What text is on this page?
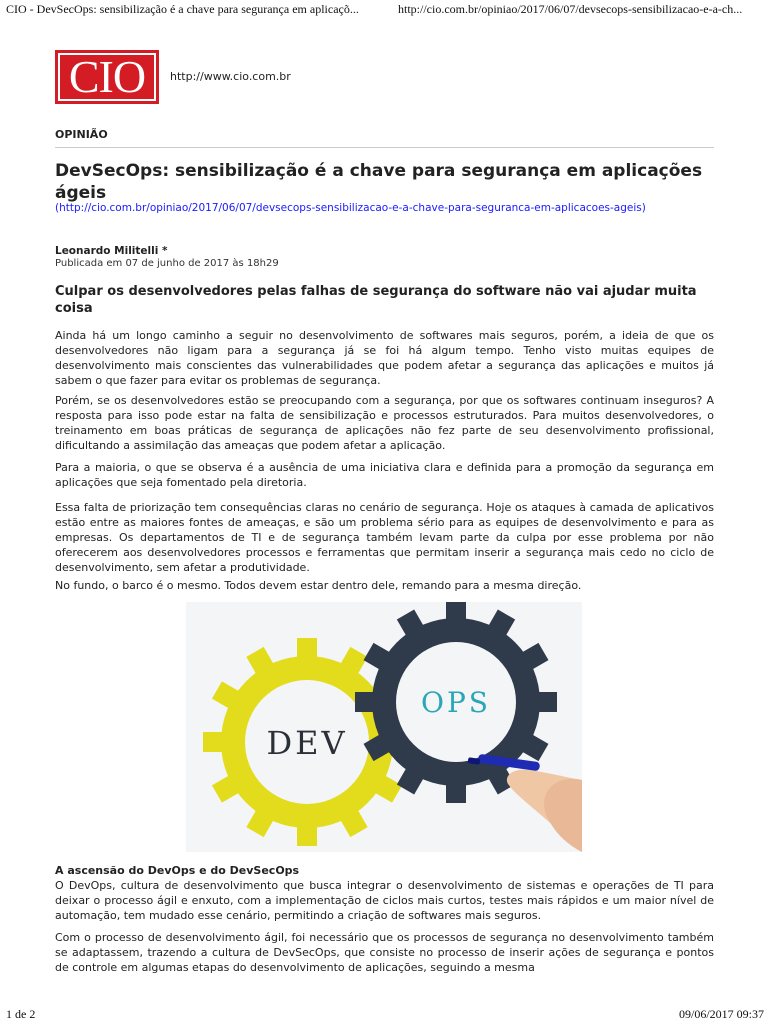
CIO - DevSecOps: sensibilização é a chave para segurança em aplicaçõ...	http://cio.com.br/opiniao/2017/06/07/devsecops-sensibilizacao-e-a-ch...
CIO http://www.cio.com.br
OPINIÃO
DevSecOps: sensibilização é a chave para segurança em aplicações ágeis
(http://cio.com.br/opiniao/2017/06/07/devsecops-sensibilizacao-e-a-chave-para-seguranca-em-aplicacoes-ageis)
Leonardo Militelli *
Publicada em 07 de junho de 2017 às 18h29
Culpar os desenvolvedores pelas falhas de segurança do software não vai ajudar muita coisa
Ainda há um longo caminho a seguir no desenvolvimento de softwares mais seguros, porém, a ideia de que os desenvolvedores não ligam para a segurança já se foi há algum tempo. Tenho visto muitas equipes de desenvolvimento mais conscientes das vulnerabilidades que podem afetar a segurança das aplicações e muitos já sabem o que fazer para evitar os problemas de segurança.
Porém, se os desenvolvedores estão se preocupando com a segurança, por que os softwares continuam inseguros? A resposta para isso pode estar na falta de sensibilização e processos estruturados. Para muitos desenvolvedores, o treinamento em boas práticas de segurança de aplicações não fez parte de seu desenvolvimento profissional, dificultando a assimilação das ameaças que podem afetar a aplicação.
Para a maioria, o que se observa é a ausência de uma iniciativa clara e definida para a promoção da segurança em aplicações que seja fomentado pela diretoria.
Essa falta de priorização tem consequências claras no cenário de segurança. Hoje os ataques à camada de aplicativos estão entre as maiores fontes de ameaças, e são um problema sério para as equipes de desenvolvimento e para as empresas. Os departamentos de TI e de segurança também levam parte da culpa por esse problema por não oferecerem aos desenvolvedores processos e ferramentas que permitam inserir a segurança mais cedo no ciclo de desenvolvimento, sem afetar a produtividade.
No fundo, o barco é o mesmo. Todos devem estar dentro dele, remando para a mesma direção.
DEV
OPS
A ascensão do DevOps e do DevSecOps
O DevOps, cultura de desenvolvimento que busca integrar o desenvolvimento de sistemas e operações de TI para deixar o processo ágil e enxuto, com a implementação de ciclos mais curtos, testes mais rápidos e um maior nível de automação, tem mudado esse cenário, permitindo a criação de softwares mais seguros.
Com o processo de desenvolvimento ágil, foi necessário que os processos de segurança no desenvolvimento também se adaptassem, trazendo a cultura de DevSecOps, que consiste no processo de inserir ações de segurança e pontos de controle em algumas etapas do desenvolvimento de aplicações, seguindo a mesma
1 de 2	09/06/2017 09:37
